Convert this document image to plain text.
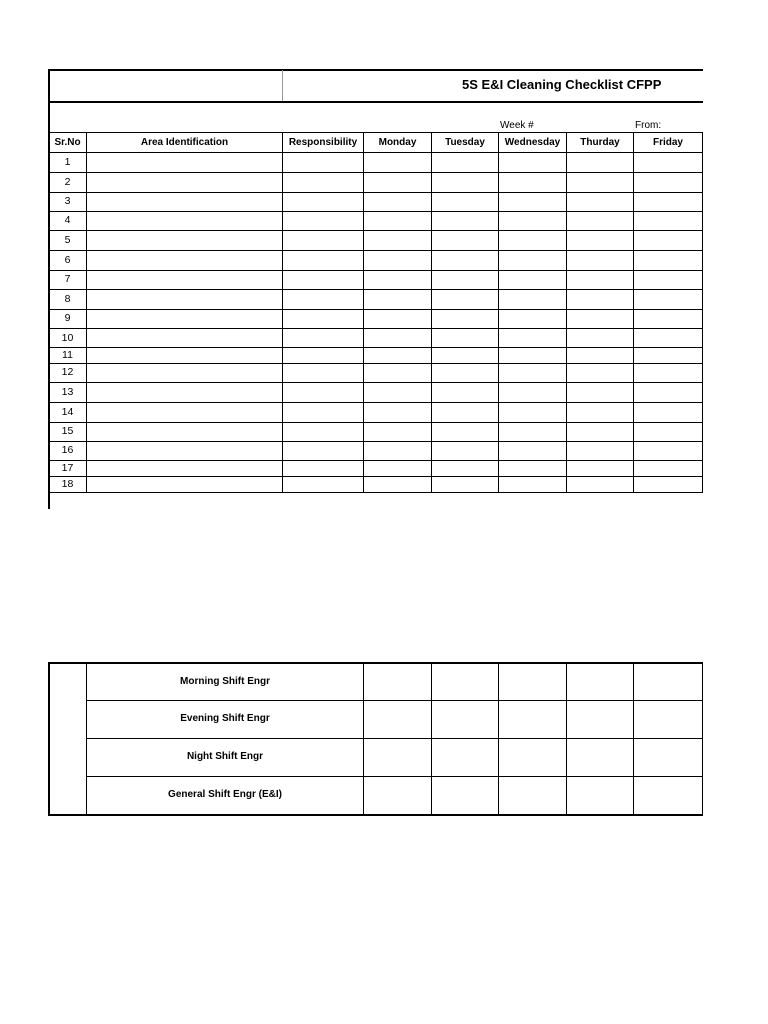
5S E&I Cleaning Checklist CFPP
Week #	From:
Sr.No	Area Identification	Responsibility	Monday	Tuesday	Wednesday	Thurday	Friday
1
2
3
4
5
6
7
8
9
10
11
12
13
14
15
16
17
18
Morning Shift Engr
Evening Shift Engr
Night Shift Engr
General Shift Engr (E&I)
